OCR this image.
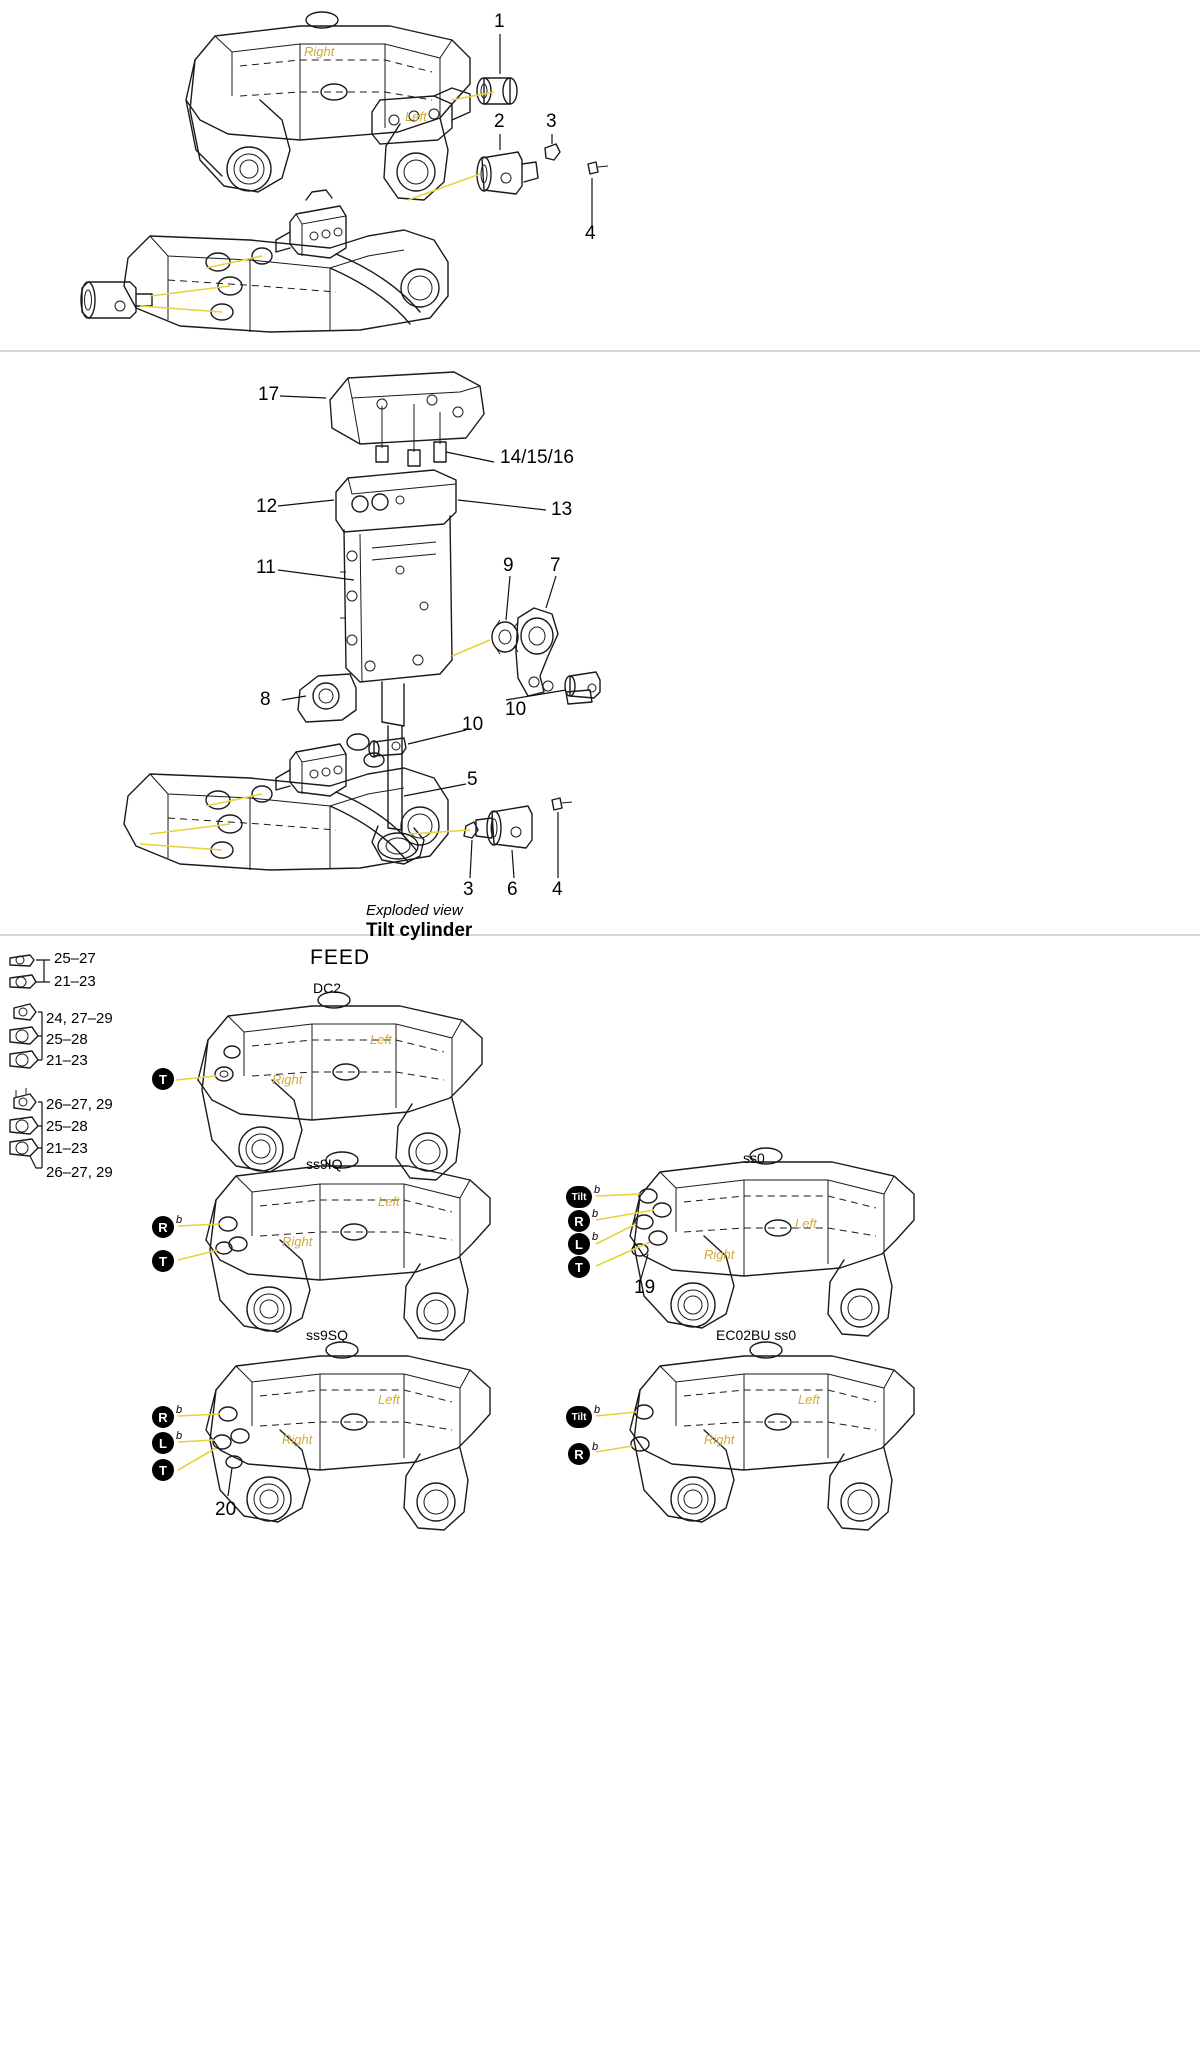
1
2 3
4
Right
Left
17
14/15/16
12	13
11	9 7
8
10
10
5
3 6 4
Exploded view
Tilt cylinder
FEED
25–27
21–23
24, 27–29
25–28
21–23
26–27, 29
25–28
21–23
26–27, 29
DC2
ss9IQ
ss9SQ
ss0
EC02BU ss0
T
R b
T
R b
L b
T
20
Tilt
b
R b
L b
T
19
Tilt
b
R b
Left
Right
Left
Right
Left
Right
Left
Right
Left
Right
